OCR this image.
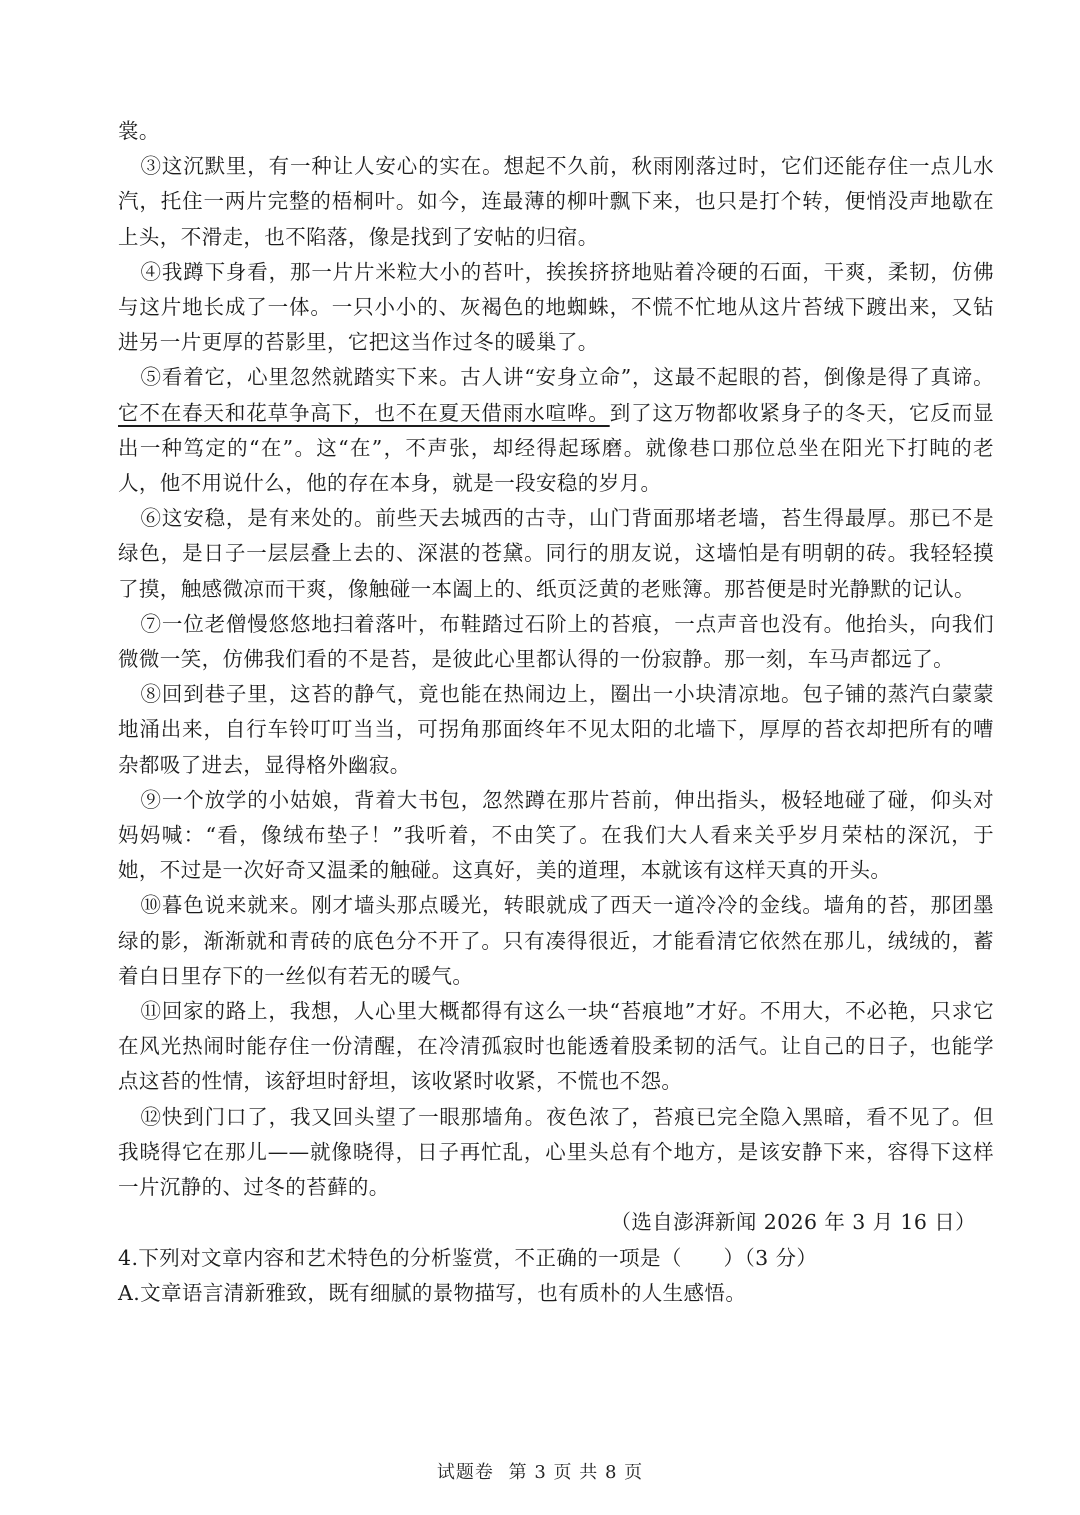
裳。

③这沉默里，有一种让人安心的实在。想起不久前，秋雨刚落过时，它们还能存住一点儿水汽，托住一两片完整的梧桐叶。如今，连最薄的柳叶飘下来，也只是打个转，便悄没声地歇在上头，不滑走，也不陷落，像是找到了安帖的归宿。

④我蹲下身看，那一片片米粒大小的苔叶，挨挨挤挤地贴着冷硬的石面，干爽，柔韧，仿佛与这片地长成了一体。一只小小的、灰褐色的地蜘蛛，不慌不忙地从这片苔绒下踱出来，又钻进另一片更厚的苔影里，它把这当作过冬的暖巢了。

⑤看着它，心里忽然就踏实下来。古人讲“安身立命”，这最不起眼的苔，倒像是得了真谛。它不在春天和花草争高下，也不在夏天借雨水喧哗。到了这万物都收紧身子的冬天，它反而显出一种笃定的“在”。这“在”，不声张，却经得起琢磨。就像巷口那位总坐在阳光下打盹的老人，他不用说什么，他的存在本身，就是一段安稳的岁月。

⑥这安稳，是有来处的。前些天去城西的古寺，山门背面那堵老墙，苔生得最厚。那已不是绿色，是日子一层层叠上去的、深湛的苍黛。同行的朋友说，这墙怕是有明朝的砖。我轻轻摸了摸，触感微凉而干爽，像触碰一本阖上的、纸页泛黄的老账簿。那苔便是时光静默的记认。

⑦一位老僧慢悠悠地扫着落叶，布鞋踏过石阶上的苔痕，一点声音也没有。他抬头，向我们微微一笑，仿佛我们看的不是苔，是彼此心里都认得的一份寂静。那一刻，车马声都远了。

⑧回到巷子里，这苔的静气，竟也能在热闹边上，圈出一小块清凉地。包子铺的蒸汽白蒙蒙地涌出来，自行车铃叮叮当当，可拐角那面终年不见太阳的北墙下，厚厚的苔衣却把所有的嘈杂都吸了进去，显得格外幽寂。

⑨一个放学的小姑娘，背着大书包，忽然蹲在那片苔前，伸出指头，极轻地碰了碰，仰头对妈妈喊：“看，像绒布垫子！”我听着，不由笑了。在我们大人看来关乎岁月荣枯的深沉，于她，不过是一次好奇又温柔的触碰。这真好，美的道理，本就该有这样天真的开头。

⑩暮色说来就来。刚才墙头那点暖光，转眼就成了西天一道冷冷的金线。墙角的苔，那团墨绿的影，渐渐就和青砖的底色分不开了。只有凑得很近，才能看清它依然在那儿，绒绒的，蓄着白日里存下的一丝似有若无的暖气。

⑪回家的路上，我想，人心里大概都得有这么一块“苔痕地”才好。不用大，不必艳，只求它在风光热闹时能存住一份清醒，在冷清孤寂时也能透着股柔韧的活气。让自己的日子，也能学点这苔的性情，该舒坦时舒坦，该收紧时收紧，不慌也不怨。

⑫快到门口了，我又回头望了一眼那墙角。夜色浓了，苔痕已完全隐入黑暗，看不见了。但我晓得它在那儿——就像晓得，日子再忙乱，心里头总有个地方，是该安静下来，容得下这样一片沉静的、过冬的苔藓的。

（选自澎湃新闻 2026 年 3 月 16 日）

4.下列对文章内容和艺术特色的分析鉴赏，不正确的一项是（　　）（3 分）

A.文章语言清新雅致，既有细腻的景物描写，也有质朴的人生感悟。

试题卷 第 3 页 共 8 页
